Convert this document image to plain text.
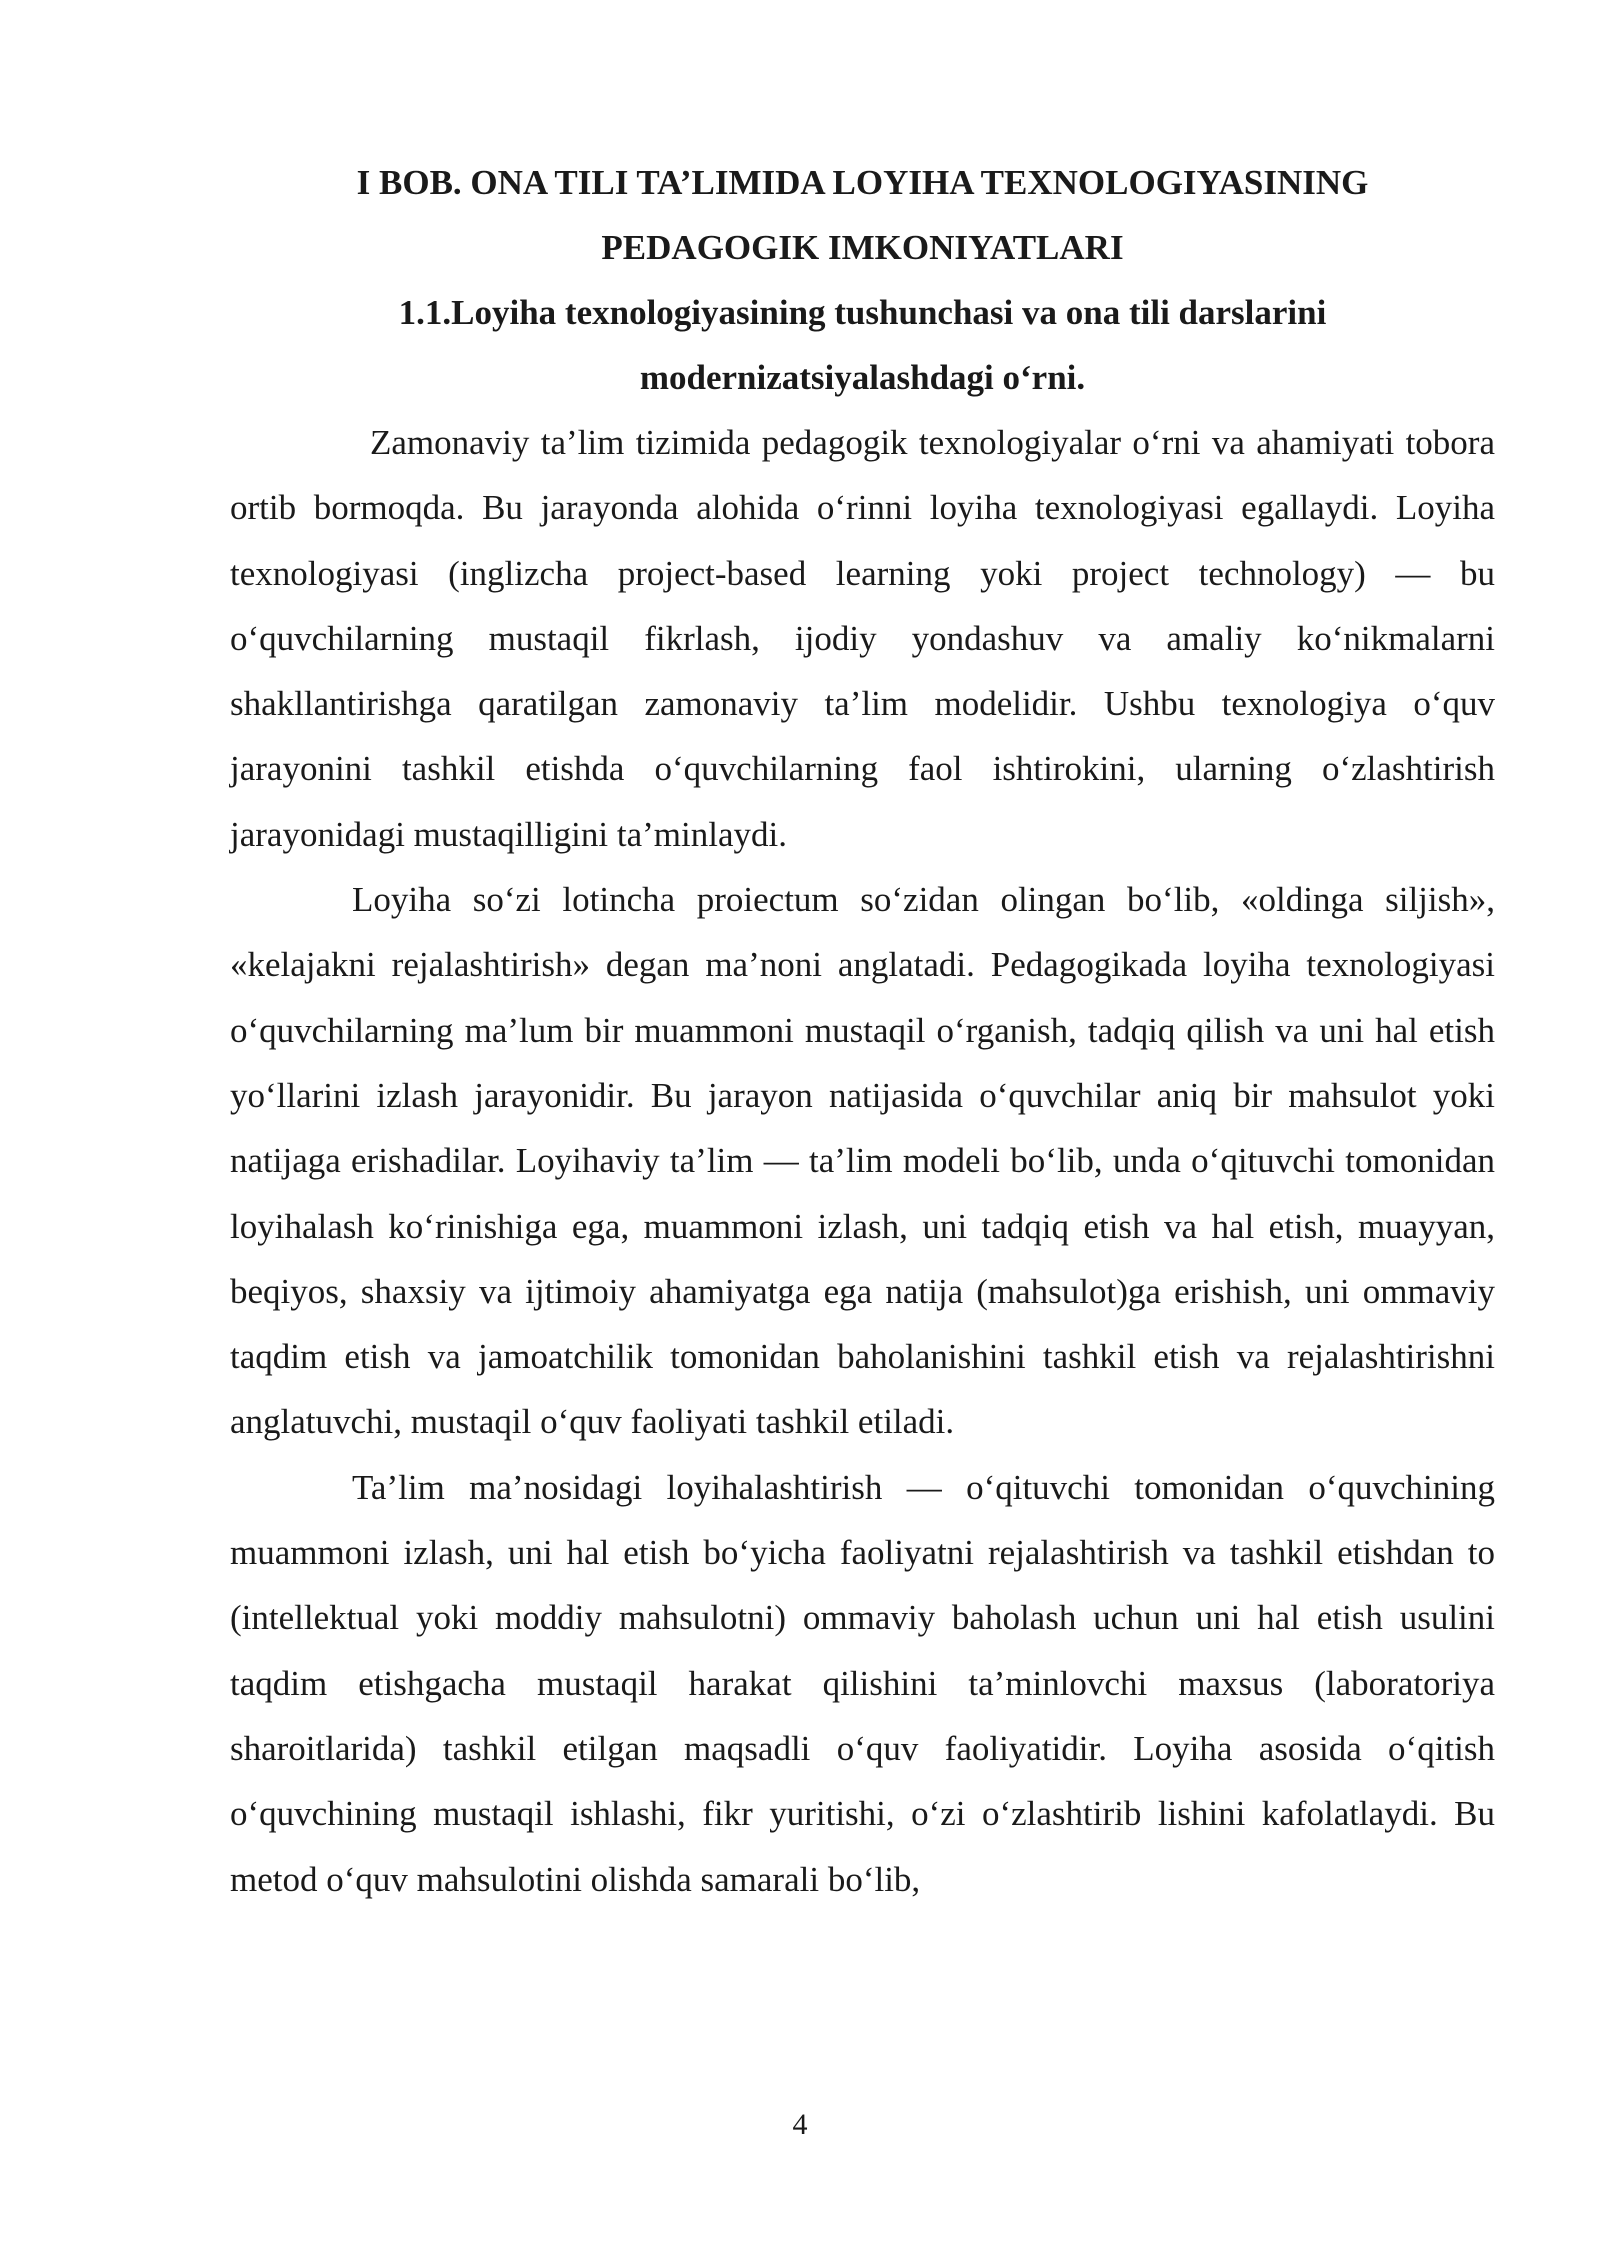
I BOB. ONA TILI TA’LIMIDA LOYIHA TEXNOLOGIYASINING

PEDAGOGIK IMKONIYATLARI

1.1.Loyiha texnologiyasining tushunchasi va ona tili darslarini

modernizatsiyalashdagi o‘rni.

Zamonaviy ta’lim tizimida pedagogik texnologiyalar o‘rni va ahamiyati tobora ortib bormoqda. Bu jarayonda alohida o‘rinni loyiha texnologiyasi egallaydi. Loyiha texnologiyasi (inglizcha project-based learning yoki project technology) — bu o‘quvchilarning mustaqil fikrlash, ijodiy yondashuv va amaliy ko‘nikmalarni shakllantirishga qaratilgan zamonaviy ta’lim modelidir. Ushbu texnologiya o‘quv jarayonini tashkil etishda o‘quvchilarning faol ishtirokini, ularning o‘zlashtirish jarayonidagi mustaqilligini ta’minlaydi.

Loyiha so‘zi lotincha proiectum so‘zidan olingan bo‘lib, «oldinga siljish», «kelajakni rejalashtirish» degan ma’noni anglatadi. Pedagogikada loyiha texnologiyasi o‘quvchilarning ma’lum bir muammoni mustaqil o‘rganish, tadqiq qilish va uni hal etish yo‘llarini izlash jarayonidir. Bu jarayon natijasida o‘quvchilar aniq bir mahsulot yoki natijaga erishadilar. Loyihaviy ta’lim — ta’lim modeli bo‘lib, unda o‘qituvchi tomonidan loyihalash ko‘rinishiga ega, muammoni izlash, uni tadqiq etish va hal etish, muayyan, beqiyos, shaxsiy va ijtimoiy ahamiyatga ega natija (mahsulot)ga erishish, uni ommaviy taqdim etish va jamoatchilik tomonidan baholanishini tashkil etish va rejalashtirishni anglatuvchi, mustaqil o‘quv faoliyati tashkil etiladi.

Ta’lim ma’nosidagi loyihalashtirish — o‘qituvchi tomonidan o‘quvchining muammoni izlash, uni hal etish bo‘yicha faoliyatni rejalashtirish va tashkil etishdan to (intellektual yoki moddiy mahsulotni) ommaviy baholash uchun uni hal etish usulini taqdim etishgacha mustaqil harakat qilishini ta’minlovchi maxsus (laboratoriya sharoitlarida) tashkil etilgan maqsadli o‘quv faoliyatidir. Loyiha asosida o‘qitish o‘quvchining mustaqil ishlashi, fikr yuritishi, o‘zi o‘zlashtirib lishini kafolatlaydi. Bu metod o‘quv mahsulotini olishda samarali bo‘lib,

4
